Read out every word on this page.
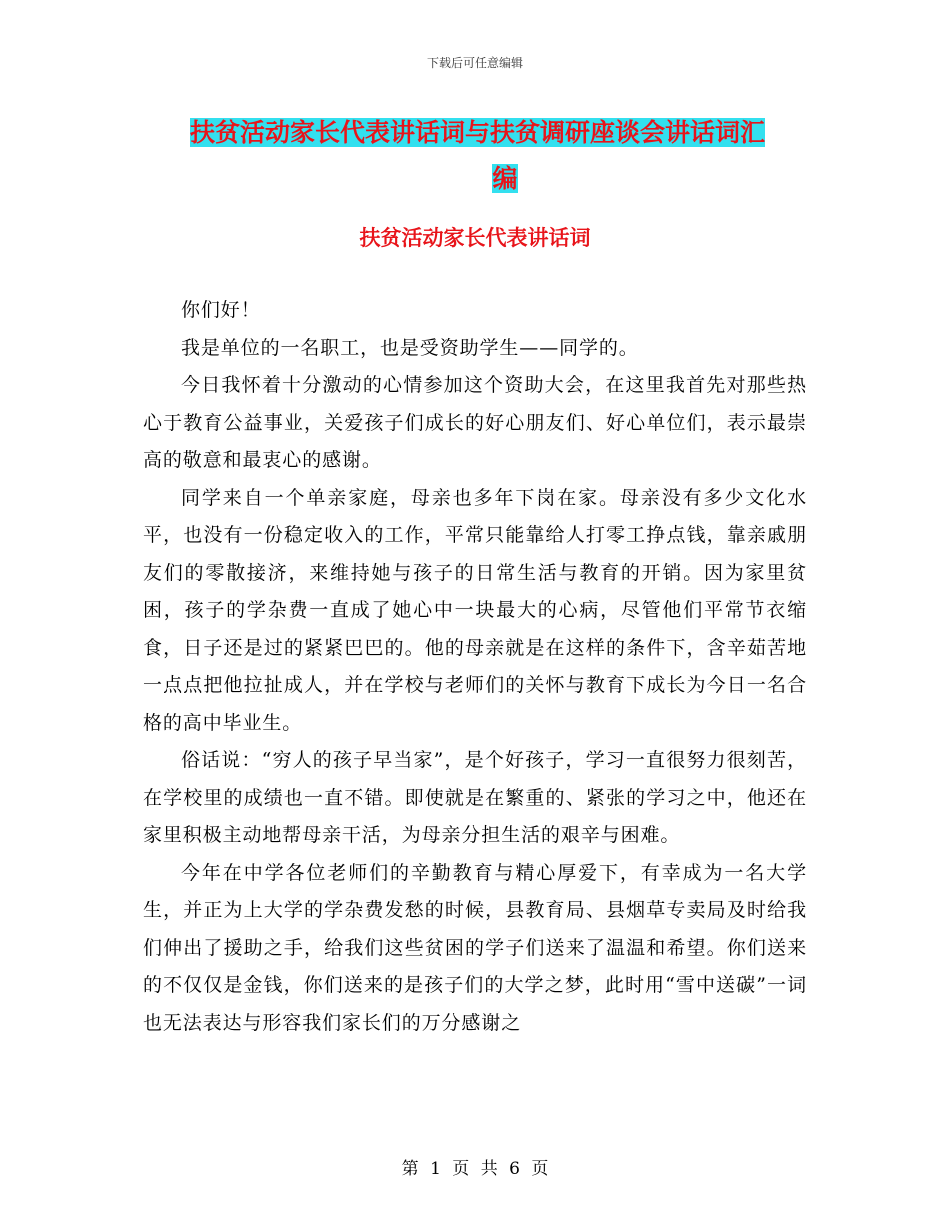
下载后可任意编辑
扶贫活动家长代表讲话词与扶贫调研座谈会讲话词汇
编
扶贫活动家长代表讲话词

你们好！

我是单位的一名职工，也是受资助学生——同学的。

今日我怀着十分激动的心情参加这个资助大会，在这里我首先对那些热心于教育公益事业，关爱孩子们成长的好心朋友们、好心单位们，表示最崇高的敬意和最衷心的感谢。

同学来自一个单亲家庭，母亲也多年下岗在家。母亲没有多少文化水平，也没有一份稳定收入的工作，平常只能靠给人打零工挣点钱，靠亲戚朋友们的零散接济，来维持她与孩子的日常生活与教育的开销。因为家里贫困，孩子的学杂费一直成了她心中一块最大的心病，尽管他们平常节衣缩食，日子还是过的紧紧巴巴的。他的母亲就是在这样的条件下，含辛茹苦地一点点把他拉扯成人，并在学校与老师们的关怀与教育下成长为今日一名合格的高中毕业生。

俗话说：“穷人的孩子早当家”，是个好孩子，学习一直很努力很刻苦，在学校里的成绩也一直不错。即使就是在繁重的、紧张的学习之中，他还在家里积极主动地帮母亲干活，为母亲分担生活的艰辛与困难。

今年在中学各位老师们的辛勤教育与精心厚爱下，有幸成为一名大学生，并正为上大学的学杂费发愁的时候，县教育局、县烟草专卖局及时给我们伸出了援助之手，给我们这些贫困的学子们送来了温温和希望。你们送来的不仅仅是金钱，你们送来的是孩子们的大学之梦，此时用“雪中送碳”一词也无法表达与形容我们家长们的万分感谢之

第 1 页 共 6 页
